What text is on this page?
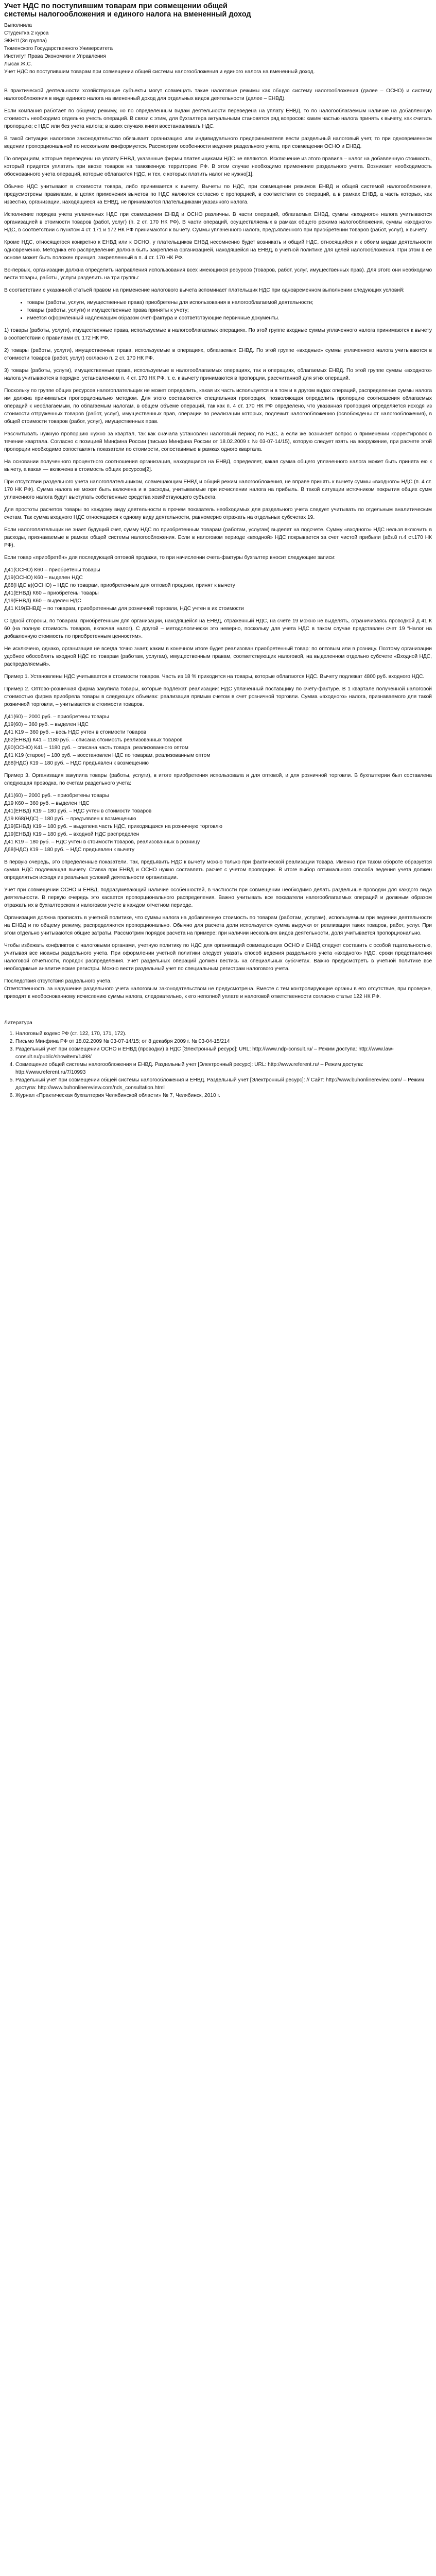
Учет НДС по поступившим товарам при совмещении общей системы налогообложения и единого налога на вмененный доход

Выполнила

Студентка 2 курса

ЭКН11(3я группа)

Тюменского Государственного Университета

Институт Права Экономики и Управления

Лысак Ж.С.

Учет НДС по поступившим товарам при совмещении общей системы налогообложения и единого налога на вмененный доход.

В практической деятельности хозяйствующие субъекты могут совмещать такие налоговые режимы как общую систему налогообложения (далее – ОСНО) и систему налогообложения в виде единого налога на вмененный доход для отдельных видов деятельности (далее – ЕНВД).

Если компания работает по общему режиму, но по определенным видам деятельности переведена на уплату ЕНВД, то по налогооблагаемым наличие на добавленную стоимость необходимо отдельно учесть операций. В связи с этим, для бухгалтера актуальными становятся ряд вопросов: каким частью налога принять к вычету, как считать пропорцию; с НДС или без учета налога; в каких случаях книги восстанавливать НДС.

В такой ситуации налоговое законодательство обязывает организацию или индивидуального предпринимателя вести раздельный налоговый учет, то при одновременном ведении пропорциональной по нескольким кинформуется. Рассмотрим особенности ведения раздельного учета, при совмещении ОСНО и ЕНВД.

По операциям, которые переведены на уплату ЕНВД, указанные фирмы плательщиками НДС не являются. Исключение из этого правила – налог на добавленную стоимость, который придется уплатить при ввозе товаров на таможенную территорию РФ. В этом случае необходимо применение раздельного учета. Возникает необходимость обоснованного учета операций, которые облагаются НДС, и тех, с которых платить налог не нужно[1].

Обычно НДС учитывают в стоимости товара, либо принимается к вычету. Вычеты по НДС, при совмещении режимов ЕНВД и общей системой налогообложения, предусмотрены правилами, в целях применения вычетов по НДС являются согласно с пропорцией, в соответствии со операций, а в рамках ЕНВД, а часть которых, как известно, организации, находящиеся на ЕНВД, не принимаются плательщиками указанного налога.

Исполнение порядка учета уплаченных НДС при совмещении ЕНВД и ОСНО различны. В части операций, облагаемых ЕНВД, суммы «входного» налога учитываются организацией в стоимости товаров (работ, услуг) (п. 2 ст. 170 НК РФ). В части операций, осуществляемых в рамках общего режима налогообложения, суммы «входного» НДС, в соответствии с пунктом 4 ст. 171 и 172 НК РФ принимаются к вычету. Суммы уплаченного налога, предъявленного при приобретении товаров (работ, услуг), к вычету.

Кроме НДС, относящегося конкретно к ЕНВД или к ОСНО, у плательщиков ЕНВД несомненно будет возникать и общий НДС, относящийся и к обоим видам деятельности одновременно. Методика его распределения должна быть закреплена организацией, находящейся на ЕНВД, в учетной политике для целей налогообложения. При этом в её основе может быть положен принцип, закрепленный в п. 4 ст. 170 НК РФ.

Во-первых, организации должна определить направления использования всех имеющихся ресурсов (товаров, работ, услуг, имущественных прав). Для этого они необходимо вести товары, работы, услуги разделить на три группы:

В соответствии с указанной статьей правом на применение налогового вычета вспоминает плательщик НДС при одновременном выполнении следующих условий:

• товары (работы, услуги, имущественные права) приобретены для использования в налогооблагаемой деятельности;
• товары (работы, услуги) и имущественные права приняты к учету;
• имеется оформленный надлежащим образом счет-фактура и соответствующие первичные документы.

1) товары (работы, услуги), имущественные права, используемые в налогооблагаемых операциях. По этой группе входные суммы уплаченного налога принимаются к вычету в соответствии с правилами ст. 172 НК РФ.

2) товары (работы, услуги), имущественные права, используемые в операциях, облагаемых ЕНВД. По этой группе «входные» суммы уплаченного налога учитываются в стоимости товаров (работ, услуг) согласно п. 2 ст. 170 НК РФ.

3) товары (работы, услуги), имущественные права, используемые в налогооблагаемых операциях, так и операциях, облагаемых ЕНВД. По этой группе суммы «входного» налога учитываются в порядке, установленном п. 4 ст. 170 НК РФ, т. е. к вычету принимаются в пропорции, рассчитанной для этих операций.

Поскольку по группе общих ресурсов налогоплательщик не может определить, какая их часть используется и в том и в другом видах операций, распределение суммы налога им должна приниматься пропорционально методом. Для этого составляется специальная пропорция, позволяющая определить пропорцию соотношения облагаемых операций к необлагаемым, по облагаемым налогам, в общем объеме операций, так как п. 4 ст. 170 НК РФ определено, что указанная пропорция определяется исходя из стоимости отгруженных товаров (работ, услуг), имущественных прав, операции по реализации которых, подлежит налогообложению (освобождены от налогообложения), в общей стоимости товаров (работ, услуг), имущественных прав.

Рассчитывать нужную пропорцию нужно за квартал, так как сначала установлен налоговый период по НДС, а если же возникает вопрос о применении корректировок в течение квартала. Согласно с позицией Минфина России (письмо Минфина России от 18.02.2009 г. № 03-07-14/15), которую следует взять на вооружение, при расчете этой пропорции необходимо сопоставлять показатели по стоимости, сопоставимые в рамках одного квартала.

На основании полученного процентного соотношения организация, находящаяся на ЕНВД, определяет, какая сумма общего уплаченного налога может быть принята ею к вычету, а какая — включена в стоимость общих ресурсов[2].

При отсутствии раздельного учета налогоплательщиком, совмещающим ЕНВД и общий режим налогообложения, не вправе принять к вычету суммы «входного» НДС (п. 4 ст. 170 НК РФ). Сумма налога не может быть включена и в расходы, учитываемые при исчислении налога на прибыль. В такой ситуации источником покрытия общих сумм уплаченного налога будут выступать собственные средства хозяйствующего субъекта.

Для простоты расчетов товары по каждому виду деятельности в прочем показатель необходимых для раздельного учета следует учитывать по отдельным аналитическим счетам. Так сумма входного НДС относящаяся к одному виду деятельности, равномерно отражать на отдельных субсчетах 19.

Если налогоплательщик не знает будущий счет, сумму НДС по приобретенным товарам (работам, услугам) выделят на подсчете. Сумму «входного» НДС нельзя включить в расходы, признаваемые в рамках общей системы налогообложения. Если в налоговом периоде «входной» НДС покрывается за счет чистой прибыли (абз.8 п.4 ст.170 НК РФ).

Если товар «приобретён» для последующей оптовой продажи, то при начислении счета-фактуры бухгалтер вносит следующие записи:

Д41(ОСНО) К60 – приобретены товары

Д19(ОСНО) К60 – выделен НДС

Д68(НДС в)(ОСНО) – НДС по товарам, приобретенным для оптовой продажи, принят к вычету

Д41(ЕНВД) К60 – приобретены товары

Д19(ЕНВД) К60 – выделен НДС

Д41 К19(ЕНВД) – по товарам, приобретенным для розничной торговли, НДС учтен в их стоимости

С одной стороны, по товарам, приобретенным для организации, находящейся на ЕНВД, отраженный НДС, на счете 19 можно не выделять, ограничиваясь проводкой Д 41 К 60 (на полную стоимость товаров, включая налог). С другой – методологически это неверно, поскольку для учета НДС в таком случае представлен счет 19 “Налог на добавленную стоимость по приобретенным ценностям».

Не исключено, однако, организация не всегда точно знает, каким в конечном итоге будет реализован приобретенный товар: по оптовым или в розницу. Поэтому организации удобнее обособлять входной НДС по товарам (работам, услугам), имущественным правам, соответствующих налоговой, на выделенном отдельно субсчете «Входной НДС, распределяемый».

Пример 1. Установлены НДС учитывается в стоимости товаров. Часть из 18 % приходится на товары, которые облагаются НДС. Вычету подлежат 4800 руб. входного НДС.

Пример 2. Оптово-розничная фирма закупила товары, которые подлежат реализации: НДС уплаченный поставщику по счету-фактуре. В 1 квартале полученной налоговой стоимостью фирма приобрела товары в следующих объемах: реализация прямым счетом в счет розничной торговли. Сумма «входного» налога, признаваемого для такой розничной торговли, – учитывается в стоимости товаров.

Д41(60) – 2000 руб. – приобретены товары

Д19(60) – 360 руб. – выделен НДС

Д41 К19 – 360 руб. – весь НДС учтен в стоимости товаров

Д62(ЕНВД) К41 – 1180 руб. – списана стоимость реализованных товаров

Д90(ОСНО) К41 – 1180 руб. – списана часть товара, реализованного оптом

Д41 К19 (старое) – 180 руб. – восстановлен НДС по товарам, реализованным оптом

Д68(НДС) К19 – 180 руб. – НДС предъявлен к возмещению

Пример 3. Организация закупила товары (работы, услуги), в итоге приобретения использовала и для оптовой, и для розничной торговли. В бухгалтерии был составлена следующая проводка, по счетам раздельного учета:

Д41(60) – 2000 руб. – приобретены товары

Д19 К60 – 360 руб. – выделен НДС

Д41(ЕНВД) К19 – 180 руб. – НДС учтен в стоимости товаров

Д19 К68(НДС) – 180 руб. – предъявлен к возмещению

Д19(ЕНВД) К19 – 180 руб. – выделена часть НДС, приходящаяся на розничную торговлю

Д19(ЕНВД) К19 – 180 руб. – входной НДС распределен

Д41 К19 – 180 руб. – НДС учтен в стоимости товаров, реализованных в розницу

Д68(НДС) К19 – 180 руб. – НДС предъявлен к вычету

В первую очередь, это определенные показатели. Так, предъявить НДС к вычету можно только при фактической реализации товара. Именно при таком обороте образуется сумма НДС подлежащая вычету. Ставка при ЕНВД и ОСНО нужно составлять расчет с учетом пропорции. В итоге выбор оптимального способа ведения учета должен определяться исходя из реальных условий деятельности организации.

Учет при совмещении ОСНО и ЕНВД, подразумевающий наличие особенностей, в частности при совмещении необходимо делать раздельные проводки для каждого вида деятельности. В первую очередь это касается пропорционального распределения. Важно учитывать все показатели налогооблагаемых операций и должным образом отражать их в бухгалтерском и налоговом учете в каждом отчетном периоде.

Организация должна прописать в учетной политике, что суммы налога на добавленную стоимость по товарам (работам, услугам), используемым при ведении деятельности на ЕНВД и по общему режиму, распределяются пропорционально. Обычно для расчета доли используется сумма выручки от реализации таких товаров, работ, услуг. При этом отдельно учитываются общие затраты. Рассмотрим порядок расчета на примере: при наличии нескольких видов деятельности, доля учитывается пропорционально.

Чтобы избежать конфликтов с налоговыми органами, учетную политику по НДС для организаций совмещающих ОСНО и ЕНВД следует составить с особой тщательностью, учитывая все нюансы раздельного учета. При оформлении учетной политики следует указать способ ведения раздельного учета «входного» НДС, сроки представления налоговой отчетности, порядок распределения. Учет раздельных операций должен вестись на специальных субсчетах. Важно предусмотреть в учетной политике все необходимые аналитические регистры. Можно вести раздельный учет по специальным регистрам налогового учета.

Последствия отсутствия раздельного учета.

Ответственность за нарушение раздельного учета налоговым законодательством не предусмотрена. Вместе с тем контролирующие органы в его отсутствие, при проверке, приходят к необоснованному исчислению суммы налога, следовательно, к его неполной уплате и налоговой ответственности согласно статье 122 НК РФ.

Литература

1. Налоговый кодекс РФ (ст. 122, 170, 171, 172).
2. Письмо Минфина РФ от 18.02.2009 № 03-07-14/15; от 8 декабря 2009 г. № 03-04-15/214
3. Раздельный учет при совмещении ОСНО и ЕНВД (проводки) в НДС [Электронный ресурс]: URL: http://www.ndp-consult.ru/ – Режим доступа: http://www.law-consult.ru/public/showitem/1498/
4. Совмещение общей системы налогообложения и ЕНВД. Раздельный учет [Электронный ресурс]: URL: http://www.referent.ru/ – Режим доступа: http://www.referent.ru/7/10993
5. Раздельный учет при совмещении общей системы налогообложения и ЕНВД. Раздельный учет [Электронный ресурс]: // Сайт: http://www.buhonlinereview.com/ – Режим доступа: http://www.buhonlinereview.com/nds_consultation.html
6. Журнал «Практическая бухгалтерия Челябинской области» № 7, Челябинск, 2010 г.
